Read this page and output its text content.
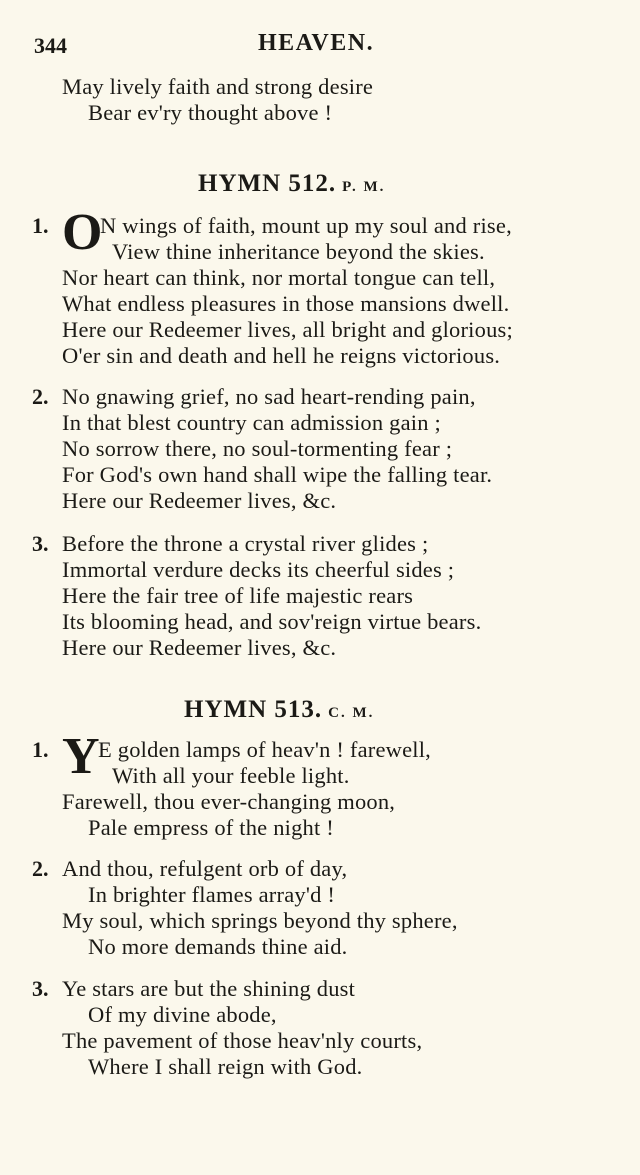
344	HEAVEN.
May lively faith and strong desire
Bear ev'ry thought above !
HYMN 512. P. M.
1. O
N wings of faith, mount up my soul and rise,
View thine inheritance beyond the skies.
Nor heart can think, nor mortal tongue can tell,
What endless pleasures in those mansions dwell.
Here our Redeemer lives, all bright and glorious;
O'er sin and death and hell he reigns victorious.
2. No gnawing grief, no sad heart-rending pain,
In that blest country can admission gain ;
No sorrow there, no soul-tormenting fear ;
For God's own hand shall wipe the falling tear.
Here our Redeemer lives, &c.
3. Before the throne a crystal river glides ;
Immortal verdure decks its cheerful sides ;
Here the fair tree of life majestic rears
Its blooming head, and sov'reign virtue bears.
Here our Redeemer lives, &c.
HYMN 513. C. M.
1. Y
E golden lamps of heav'n ! farewell,
With all your feeble light.
Farewell, thou ever-changing moon,
Pale empress of the night !
2. And thou, refulgent orb of day,
In brighter flames array'd !
My soul, which springs beyond thy sphere,
No more demands thine aid.
3. Ye stars are but the shining dust
Of my divine abode,
The pavement of those heav'nly courts,
Where I shall reign with God.
